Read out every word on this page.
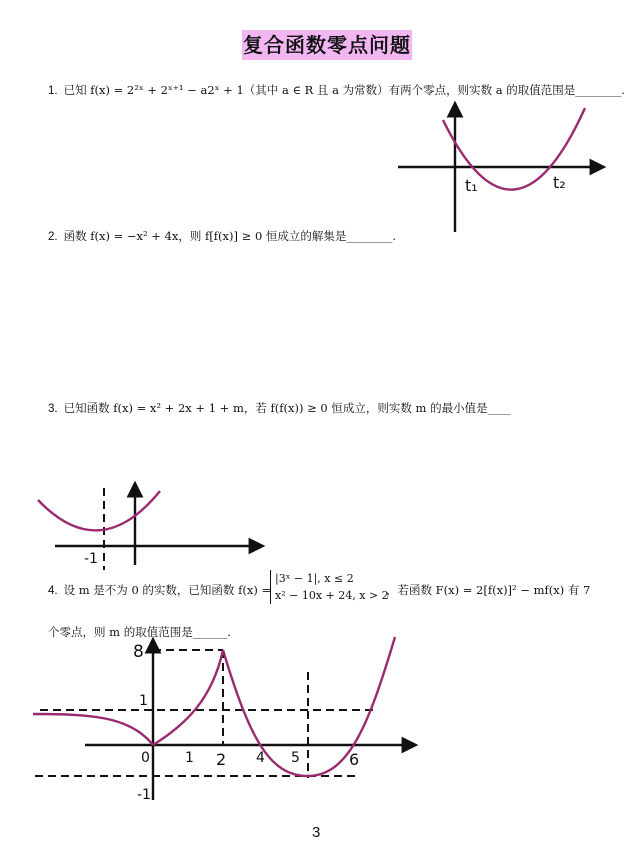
复合函数零点问题
1. 已知 f(x) = 2²ˣ + 2ˣ⁺¹ − a2ˣ + 1（其中 a ∈ R 且 a 为常数）有两个零点，则实数 a 的取值范围是________.
2. 函数 f(x) = −x² + 4x，则 f[f(x)] ≥ 0 恒成立的解集是________.
3. 已知函数 f(x) = x² + 2x + 1 + m，若 f(f(x)) ≥ 0 恒成立，则实数 m 的最小值是____
4. 设 m 是不为 0 的实数，已知函数 f(x) =
|3ˣ − 1|, x ≤ 2
x² − 10x + 24, x > 2
，若函数 F(x) = 2[f(x)]² − mf(x) 有 7
个零点，则 m 的取值范围是______.
t₁	t₂
-1
8
1
-1
0	1 2 4 5	6
3
